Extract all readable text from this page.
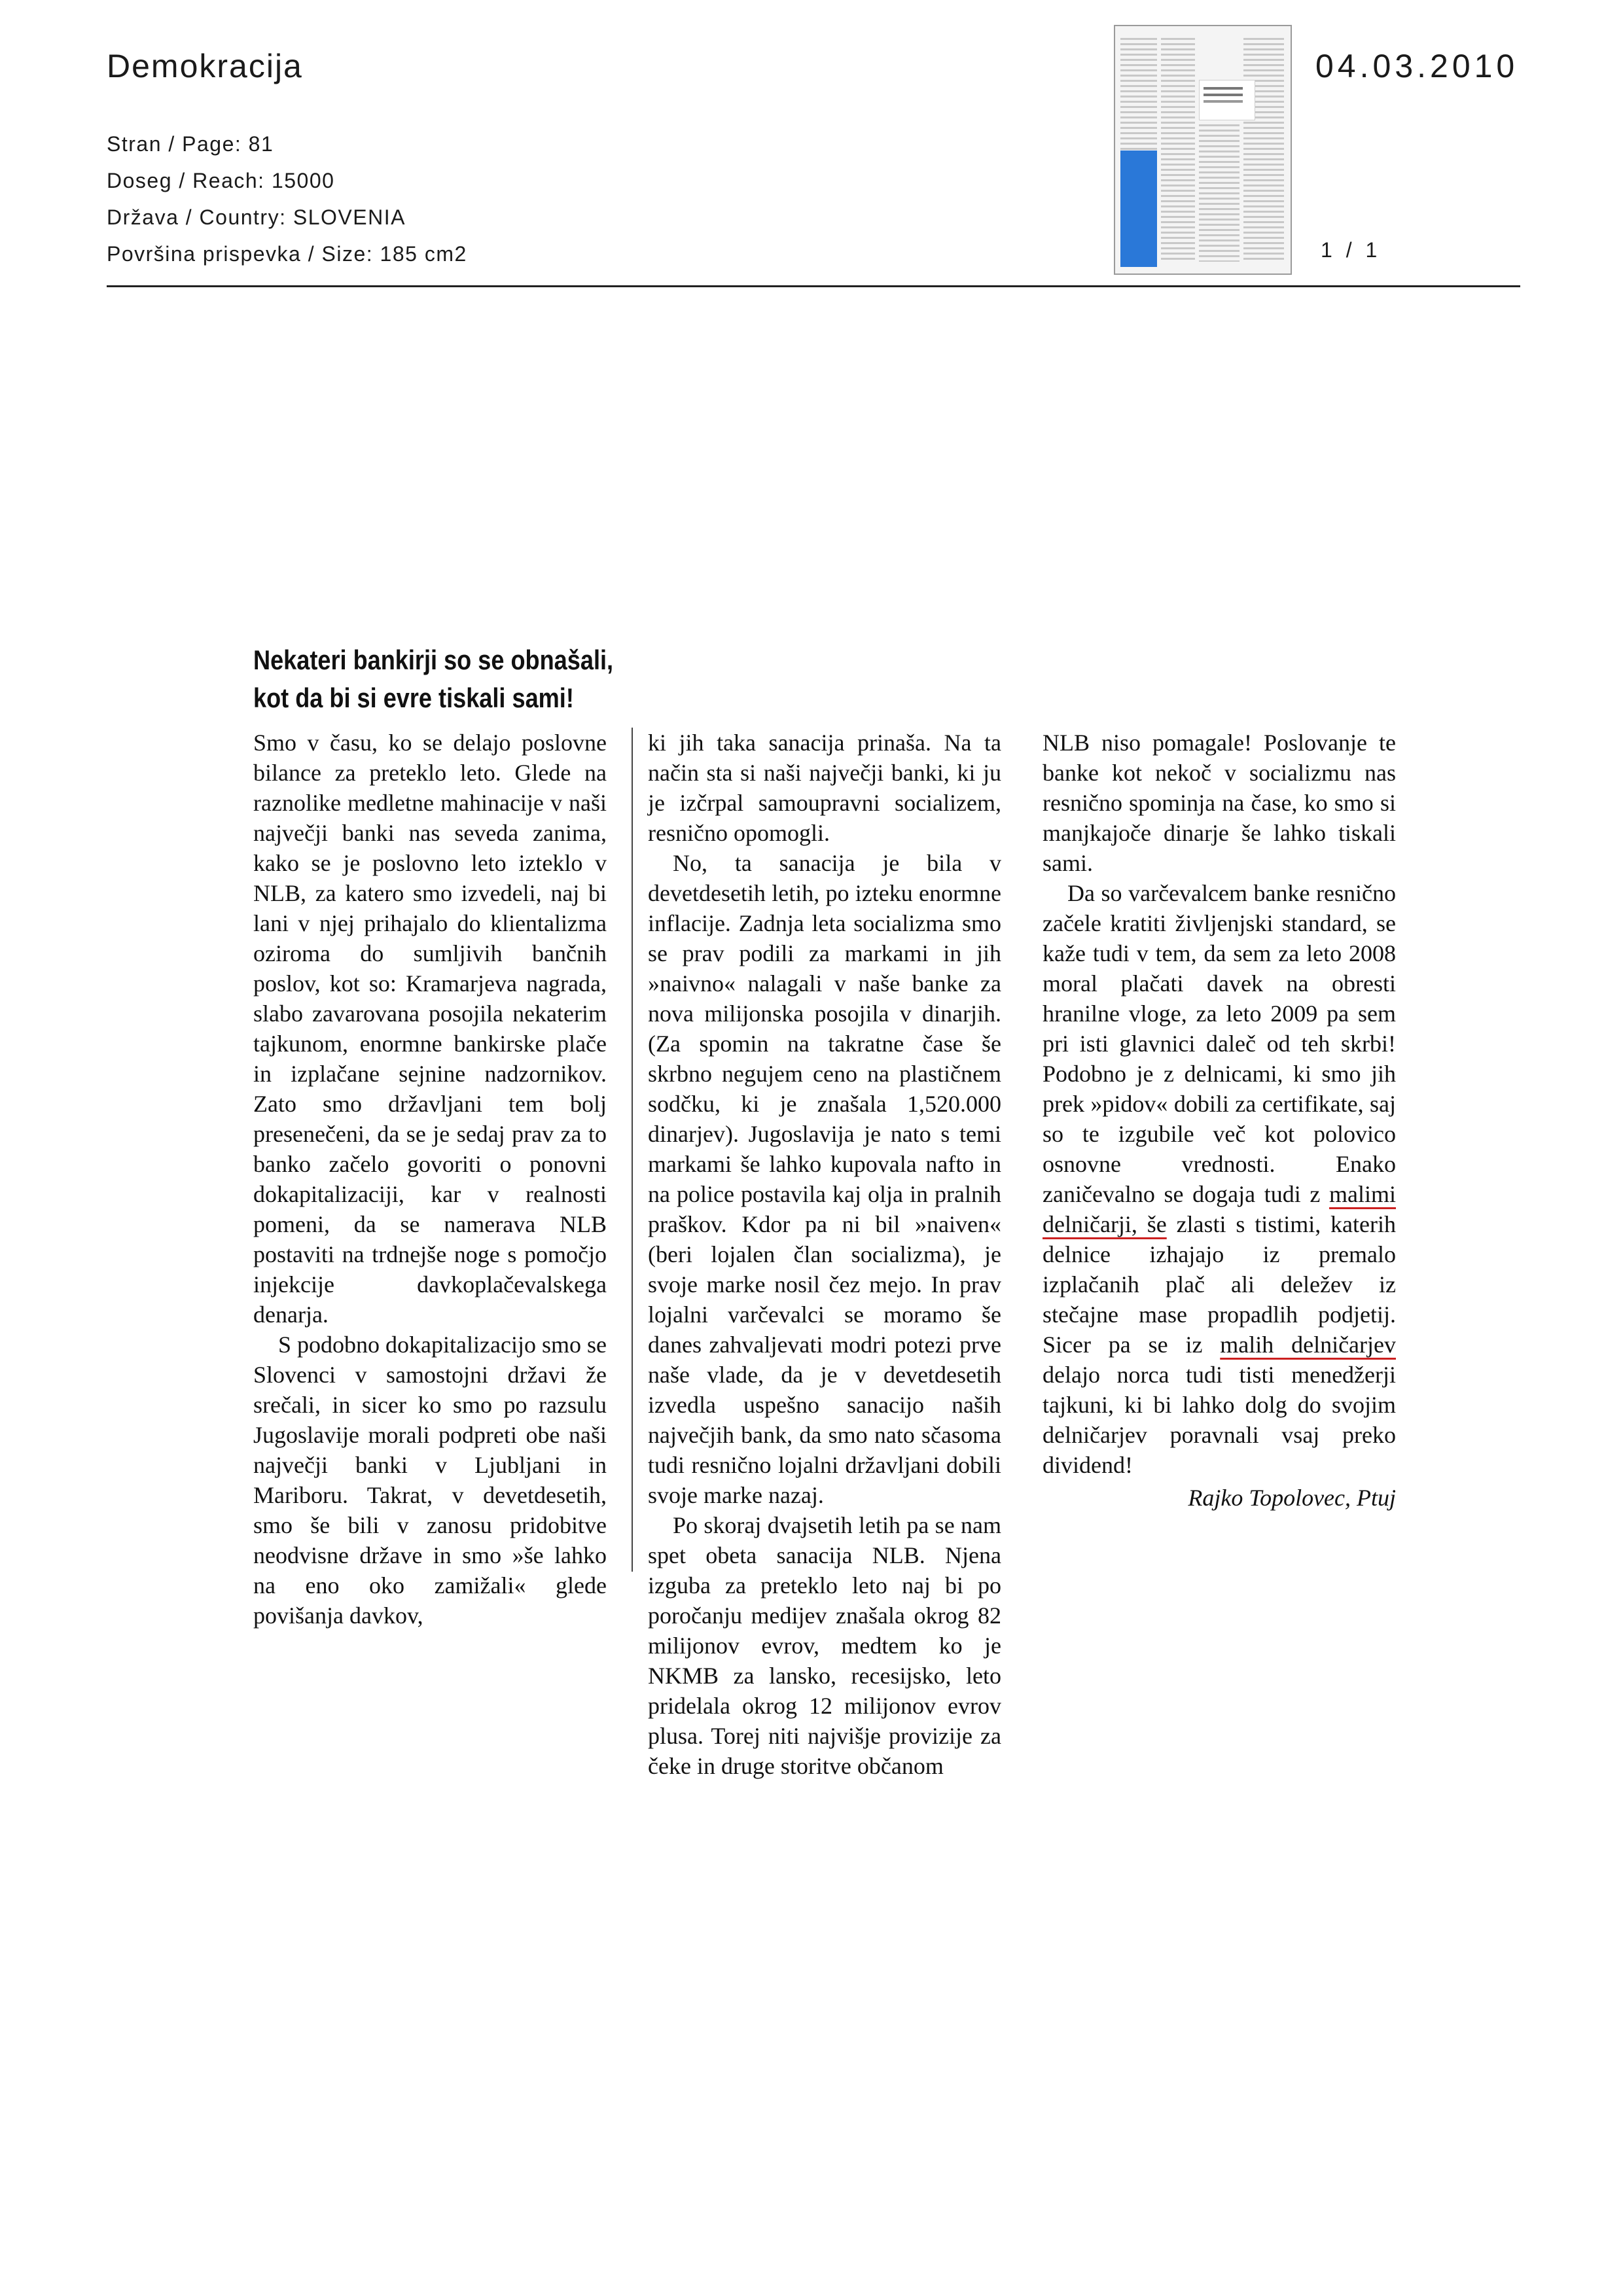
Demokracija	04.03.2010
Stran / Page: 81
Doseg / Reach: 15000
Država / Country: SLOVENIA
Površina prispevka / Size: 185 cm2	1 / 1
Nekateri bankirji so se obnašali,
kot da bi si evre tiskali sami!

Smo v času, ko se delajo poslovne bilance za preteklo leto. Glede na raznolike medletne mahinacije v naši največji banki nas seveda zanima, kako se je poslovno leto izteklo v NLB, za katero smo izvedeli, naj bi lani v njej prihajalo do klientalizma oziroma do sumljivih bančnih poslov, kot so: Kramarjeva nagrada, slabo zavarovana posojila nekaterim tajkunom, enormne bankirske plače in izplačane sejnine nadzornikov. Zato smo državljani tem bolj presenečeni, da se je sedaj prav za to banko začelo govoriti o ponovni dokapitalizaciji, kar v realnosti pomeni, da se namerava NLB postaviti na trdnejše noge s pomočjo injekcije davkoplačevalskega denarja.

S podobno dokapitalizacijo smo se Slovenci v samostojni državi že srečali, in sicer ko smo po razsulu Jugoslavije morali podpreti obe naši največji banki v Ljubljani in Mariboru. Takrat, v devetdesetih, smo še bili v zanosu pridobitve neodvisne države in smo »še lahko na eno oko zamižali« glede povišanja davkov,

ki jih taka sanacija prinaša. Na ta način sta si naši največji banki, ki ju je izčrpal samoupravni socializem, resnično opomogli.

No, ta sanacija je bila v devetdesetih letih, po izteku enormne inflacije. Zadnja leta socializma smo se prav podili za markami in jih »naivno« nalagali v naše banke za nova milijonska posojila v dinarjih. (Za spomin na takratne čase še skrbno negujem ceno na plastičnem sodčku, ki je znašala 1,520.000 dinarjev). Jugoslavija je nato s temi markami še lahko kupovala nafto in na police postavila kaj olja in pralnih praškov. Kdor pa ni bil »naiven« (beri lojalen član socializma), je svoje marke nosil čez mejo. In prav lojalni varčevalci se moramo še danes zahvaljevati modri potezi prve naše vlade, da je v devetdesetih izvedla uspešno sanacijo naših največjih bank, da smo nato sčasoma tudi resnično lojalni državljani dobili svoje marke nazaj.

Po skoraj dvajsetih letih pa se nam spet obeta sanacija NLB. Njena izguba za preteklo leto naj bi po poročanju medijev znašala okrog 82 milijonov evrov, medtem ko je NKMB za lansko, recesijsko, leto pridelala okrog 12 milijonov evrov plusa. Torej niti najvišje provizije za čeke in druge storitve občanom

NLB niso pomagale! Poslovanje te banke kot nekoč v socializmu nas resnično spominja na čase, ko smo si manjkajoče dinarje še lahko tiskali sami.

Da so varčevalcem banke resnično začele kratiti življenjski standard, se kaže tudi v tem, da sem za leto 2008 moral plačati davek na obresti hranilne vloge, za leto 2009 pa sem pri isti glavnici daleč od teh skrbi! Podobno je z delnicami, ki smo jih prek »pidov« dobili za certifikate, saj so te izgubile več kot polovico osnovne vrednosti. Enako zaničevalno se dogaja tudi z malimi delničarji, še zlasti s tistimi, katerih delnice izhajajo iz premalo izplačanih plač ali deležev iz stečajne mase propadlih podjetij. Sicer pa se iz malih delničarjev delajo norca tudi tisti menedžerji tajkuni, ki bi lahko dolg do svojim delničarjev poravnali vsaj preko dividend!

Rajko Topolovec, Ptuj
